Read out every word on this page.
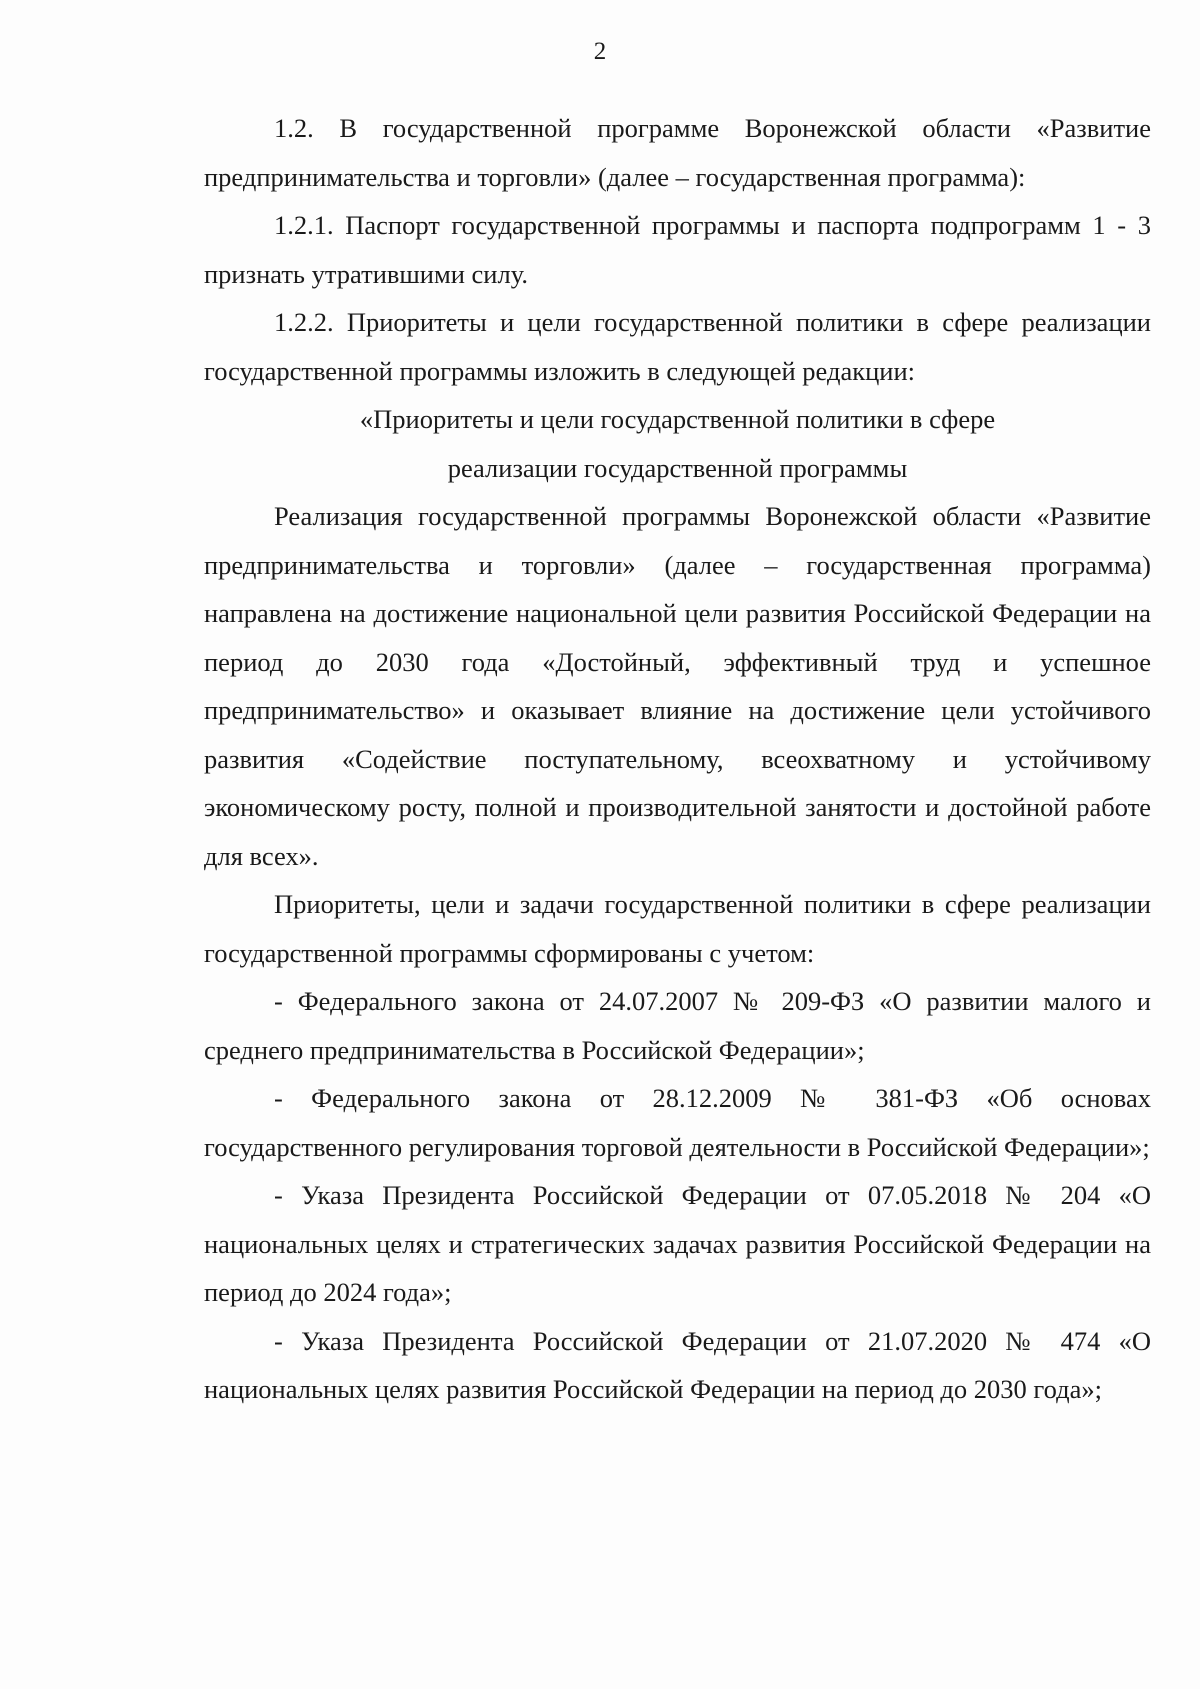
2

1.2. В государственной программе Воронежской области «Развитие предпринимательства и торговли» (далее – государственная программа):

1.2.1. Паспорт государственной программы и паспорта подпрограмм 1 - 3 признать утратившими силу.

1.2.2. Приоритеты и цели государственной политики в сфере реализации государственной программы изложить в следующей редакции:

«Приоритеты и цели государственной политики в сфере

реализации государственной программы

Реализация государственной программы Воронежской области «Развитие предпринимательства и торговли» (далее – государственная программа) направлена на достижение национальной цели развития Российской Федерации на период до 2030 года «Достойный, эффективный труд и успешное предпринимательство» и оказывает влияние на достижение цели устойчивого развития «Содействие поступательному, всеохватному и устойчивому экономическому росту, полной и производительной занятости и достойной работе для всех».

Приоритеты, цели и задачи государственной политики в сфере реализации государственной программы сформированы с учетом:

- Федерального закона от 24.07.2007 № 209-ФЗ «О развитии малого и среднего предпринимательства в Российской Федерации»;

- Федерального закона от 28.12.2009 № 381-ФЗ «Об основах государственного регулирования торговой деятельности в Российской Федерации»;

- Указа Президента Российской Федерации от 07.05.2018 № 204 «О национальных целях и стратегических задачах развития Российской Федерации на период до 2024 года»;

- Указа Президента Российской Федерации от 21.07.2020 № 474 «О национальных целях развития Российской Федерации на период до 2030 года»;
